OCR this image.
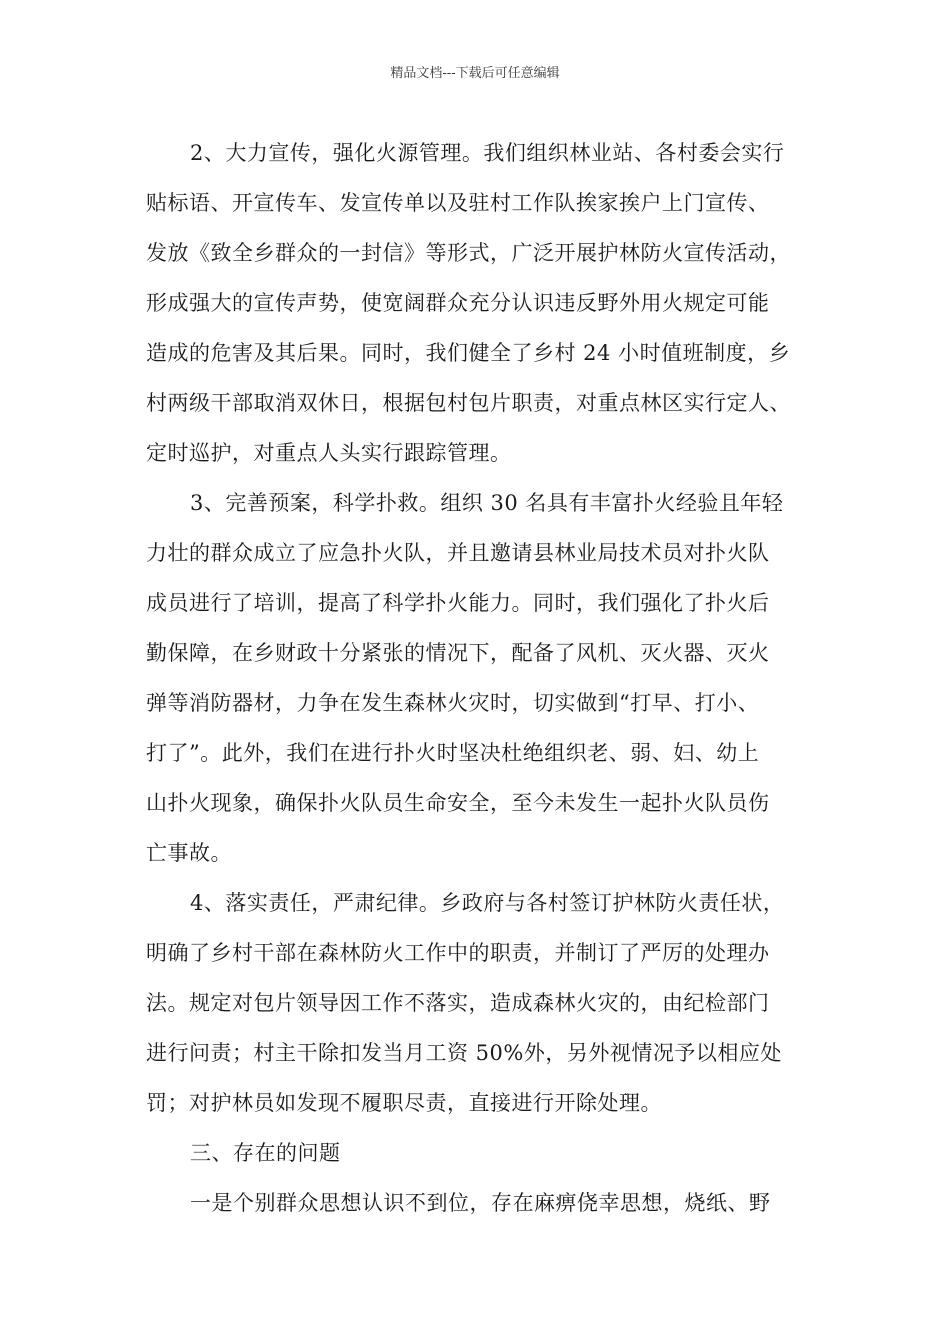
精品文档---下载后可任意编辑
2、大力宣传，强化火源管理。我们组织林业站、各村委会实行
贴标语、开宣传车、发宣传单以及驻村工作队挨家挨户上门宣传、
发放《致全乡群众的一封信》等形式，广泛开展护林防火宣传活动，
形成强大的宣传声势，使宽阔群众充分认识违反野外用火规定可能
造成的危害及其后果。同时，我们健全了乡村 24 小时值班制度，乡
村两级干部取消双休日，根据包村包片职责，对重点林区实行定人、
定时巡护，对重点人头实行跟踪管理。
3、完善预案，科学扑救。组织 30 名具有丰富扑火经验且年轻
力壮的群众成立了应急扑火队，并且邀请县林业局技术员对扑火队
成员进行了培训，提高了科学扑火能力。同时，我们强化了扑火后
勤保障，在乡财政十分紧张的情况下，配备了风机、灭火器、灭火
弹等消防器材，力争在发生森林火灾时，切实做到“打早、打小、
打了”。此外，我们在进行扑火时坚决杜绝组织老、弱、妇、幼上
山扑火现象，确保扑火队员生命安全，至今未发生一起扑火队员伤
亡事故。
4、落实责任，严肃纪律。乡政府与各村签订护林防火责任状，
明确了乡村干部在森林防火工作中的职责，并制订了严厉的处理办
法。规定对包片领导因工作不落实，造成森林火灾的，由纪检部门
进行问责；村主干除扣发当月工资 50%外，另外视情况予以相应处
罚；对护林员如发现不履职尽责，直接进行开除处理。
三、存在的问题
一是个别群众思想认识不到位，存在麻痹侥幸思想，烧纸、野
